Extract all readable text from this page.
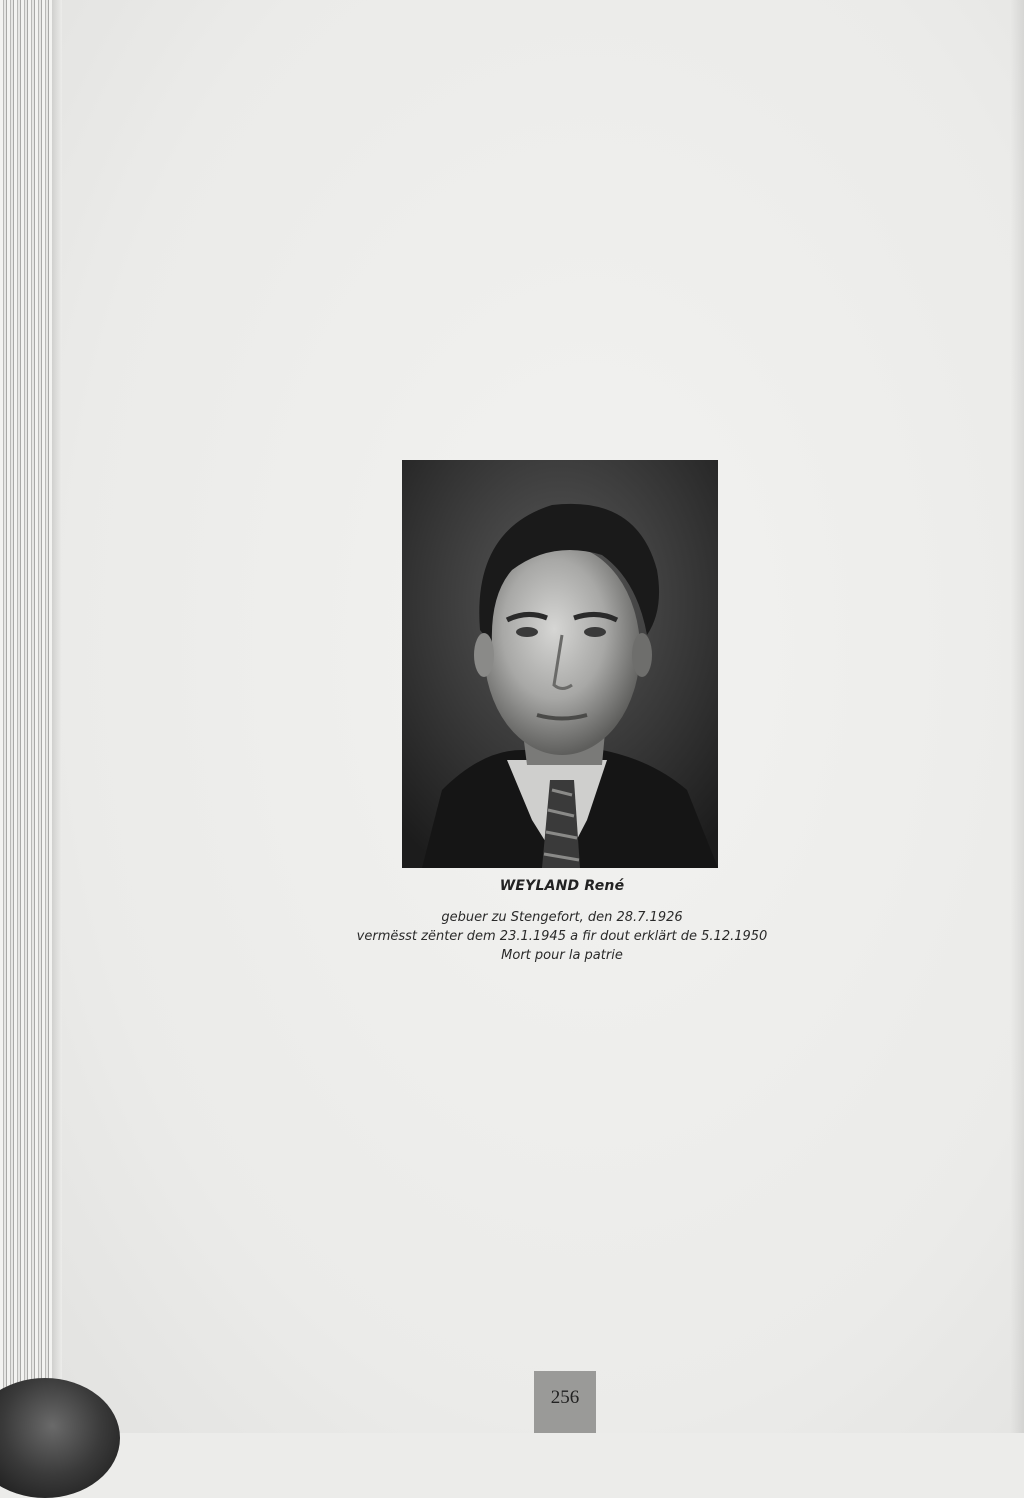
WEYLAND René

gebuer zu Stengefort, den 28.7.1926

vermësst zënter dem 23.1.1945 a fir dout erklärt de 5.12.1950

Mort pour la patrie

256
